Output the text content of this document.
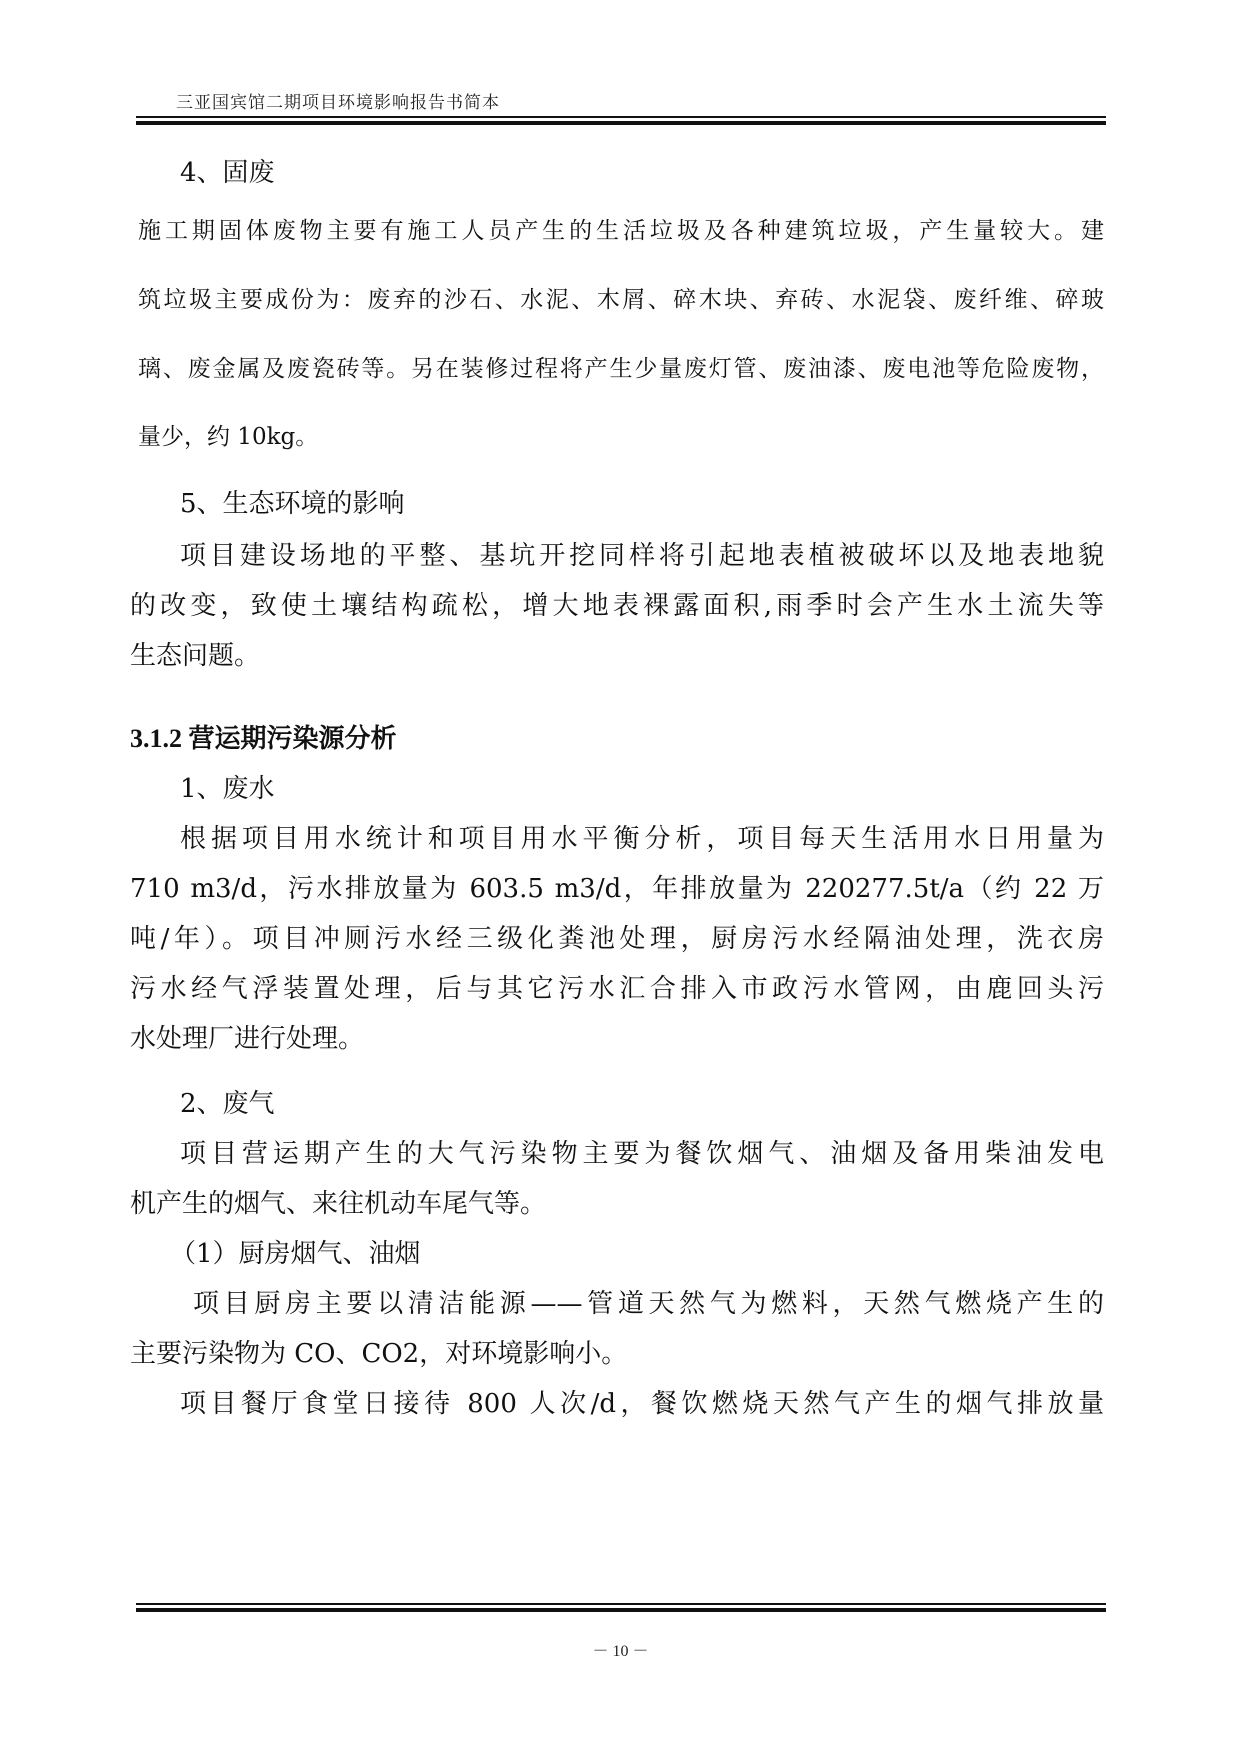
三亚国宾馆二期项目环境影响报告书简本
4、固废
施工期固体废物主要有施工人员产生的生活垃圾及各种建筑垃圾，产生量较大。建
筑垃圾主要成份为：废弃的沙石、水泥、木屑、碎木块、弃砖、水泥袋、废纤维、碎玻
璃、废金属及废瓷砖等。另在装修过程将产生少量废灯管、废油漆、废电池等危险废物，
量少，约 10kg。
5、生态环境的影响
项目建设场地的平整、基坑开挖同样将引起地表植被破坏以及地表地貌
的改变，致使土壤结构疏松，增大地表裸露面积,雨季时会产生水土流失等
生态问题。
3.1.2 营运期污染源分析
1、废水
根据项目用水统计和项目用水平衡分析，项目每天生活用水日用量为
710 m3/d，污水排放量为 603.5 m3/d，年排放量为 220277.5t/a（约 22 万
吨/年）。项目冲厕污水经三级化粪池处理，厨房污水经隔油处理，洗衣房
污水经气浮装置处理，后与其它污水汇合排入市政污水管网，由鹿回头污
水处理厂进行处理。
2、废气
项目营运期产生的大气污染物主要为餐饮烟气、油烟及备用柴油发电
机产生的烟气、来往机动车尾气等。
（1）厨房烟气、油烟
项目厨房主要以清洁能源——管道天然气为燃料，天然气燃烧产生的
主要污染物为 CO、CO2，对环境影响小。
项目餐厅食堂日接待 800 人次/d，餐饮燃烧天然气产生的烟气排放量
－ 10 －
